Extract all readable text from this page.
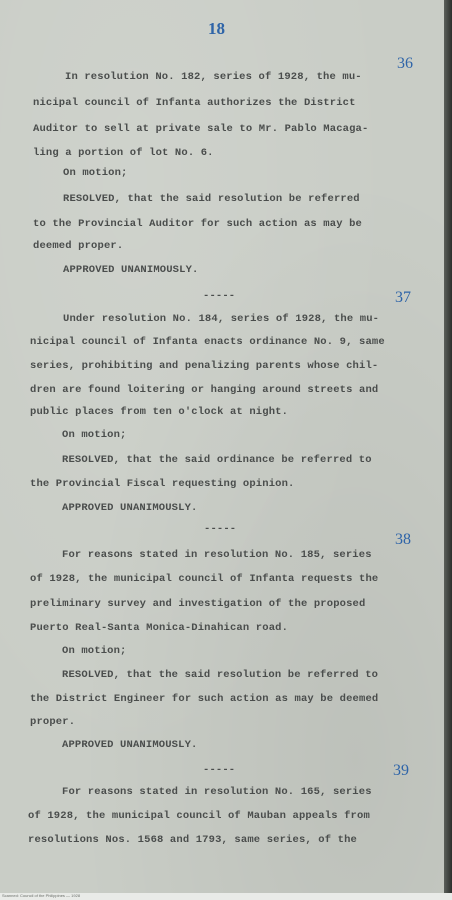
18
36
In resolution No. 182, series of 1928, the mu-
nicipal council of Infanta authorizes the District
Auditor to sell at private sale to Mr. Pablo Macaga-
ling a portion of lot No. 6.
On motion;
RESOLVED, that the said resolution be referred
to the Provincial Auditor for such action as may be
deemed proper.
APPROVED UNANIMOUSLY.
-----	37
Under resolution No. 184, series of 1928, the mu-
nicipal council of Infanta enacts ordinance No. 9, same
series, prohibiting and penalizing parents whose chil-
dren are found loitering or hanging around streets and
public places from ten o'clock at night.
On motion;
RESOLVED, that the said ordinance be referred to
the Provincial Fiscal requesting opinion.
APPROVED UNANIMOUSLY.
-----
38
For reasons stated in resolution No. 185, series
of 1928, the municipal council of Infanta requests the
preliminary survey and investigation of the proposed
Puerto Real-Santa Monica-Dinahican road.
On motion;
RESOLVED, that the said resolution be referred to
the District Engineer for such action as may be deemed
proper.
APPROVED UNANIMOUSLY.
-----	39
For reasons stated in resolution No. 165, series
of 1928, the municipal council of Mauban appeals from
resolutions Nos. 1568 and 1793, same series, of the
Scanned: Council of the Philippines — 1928
